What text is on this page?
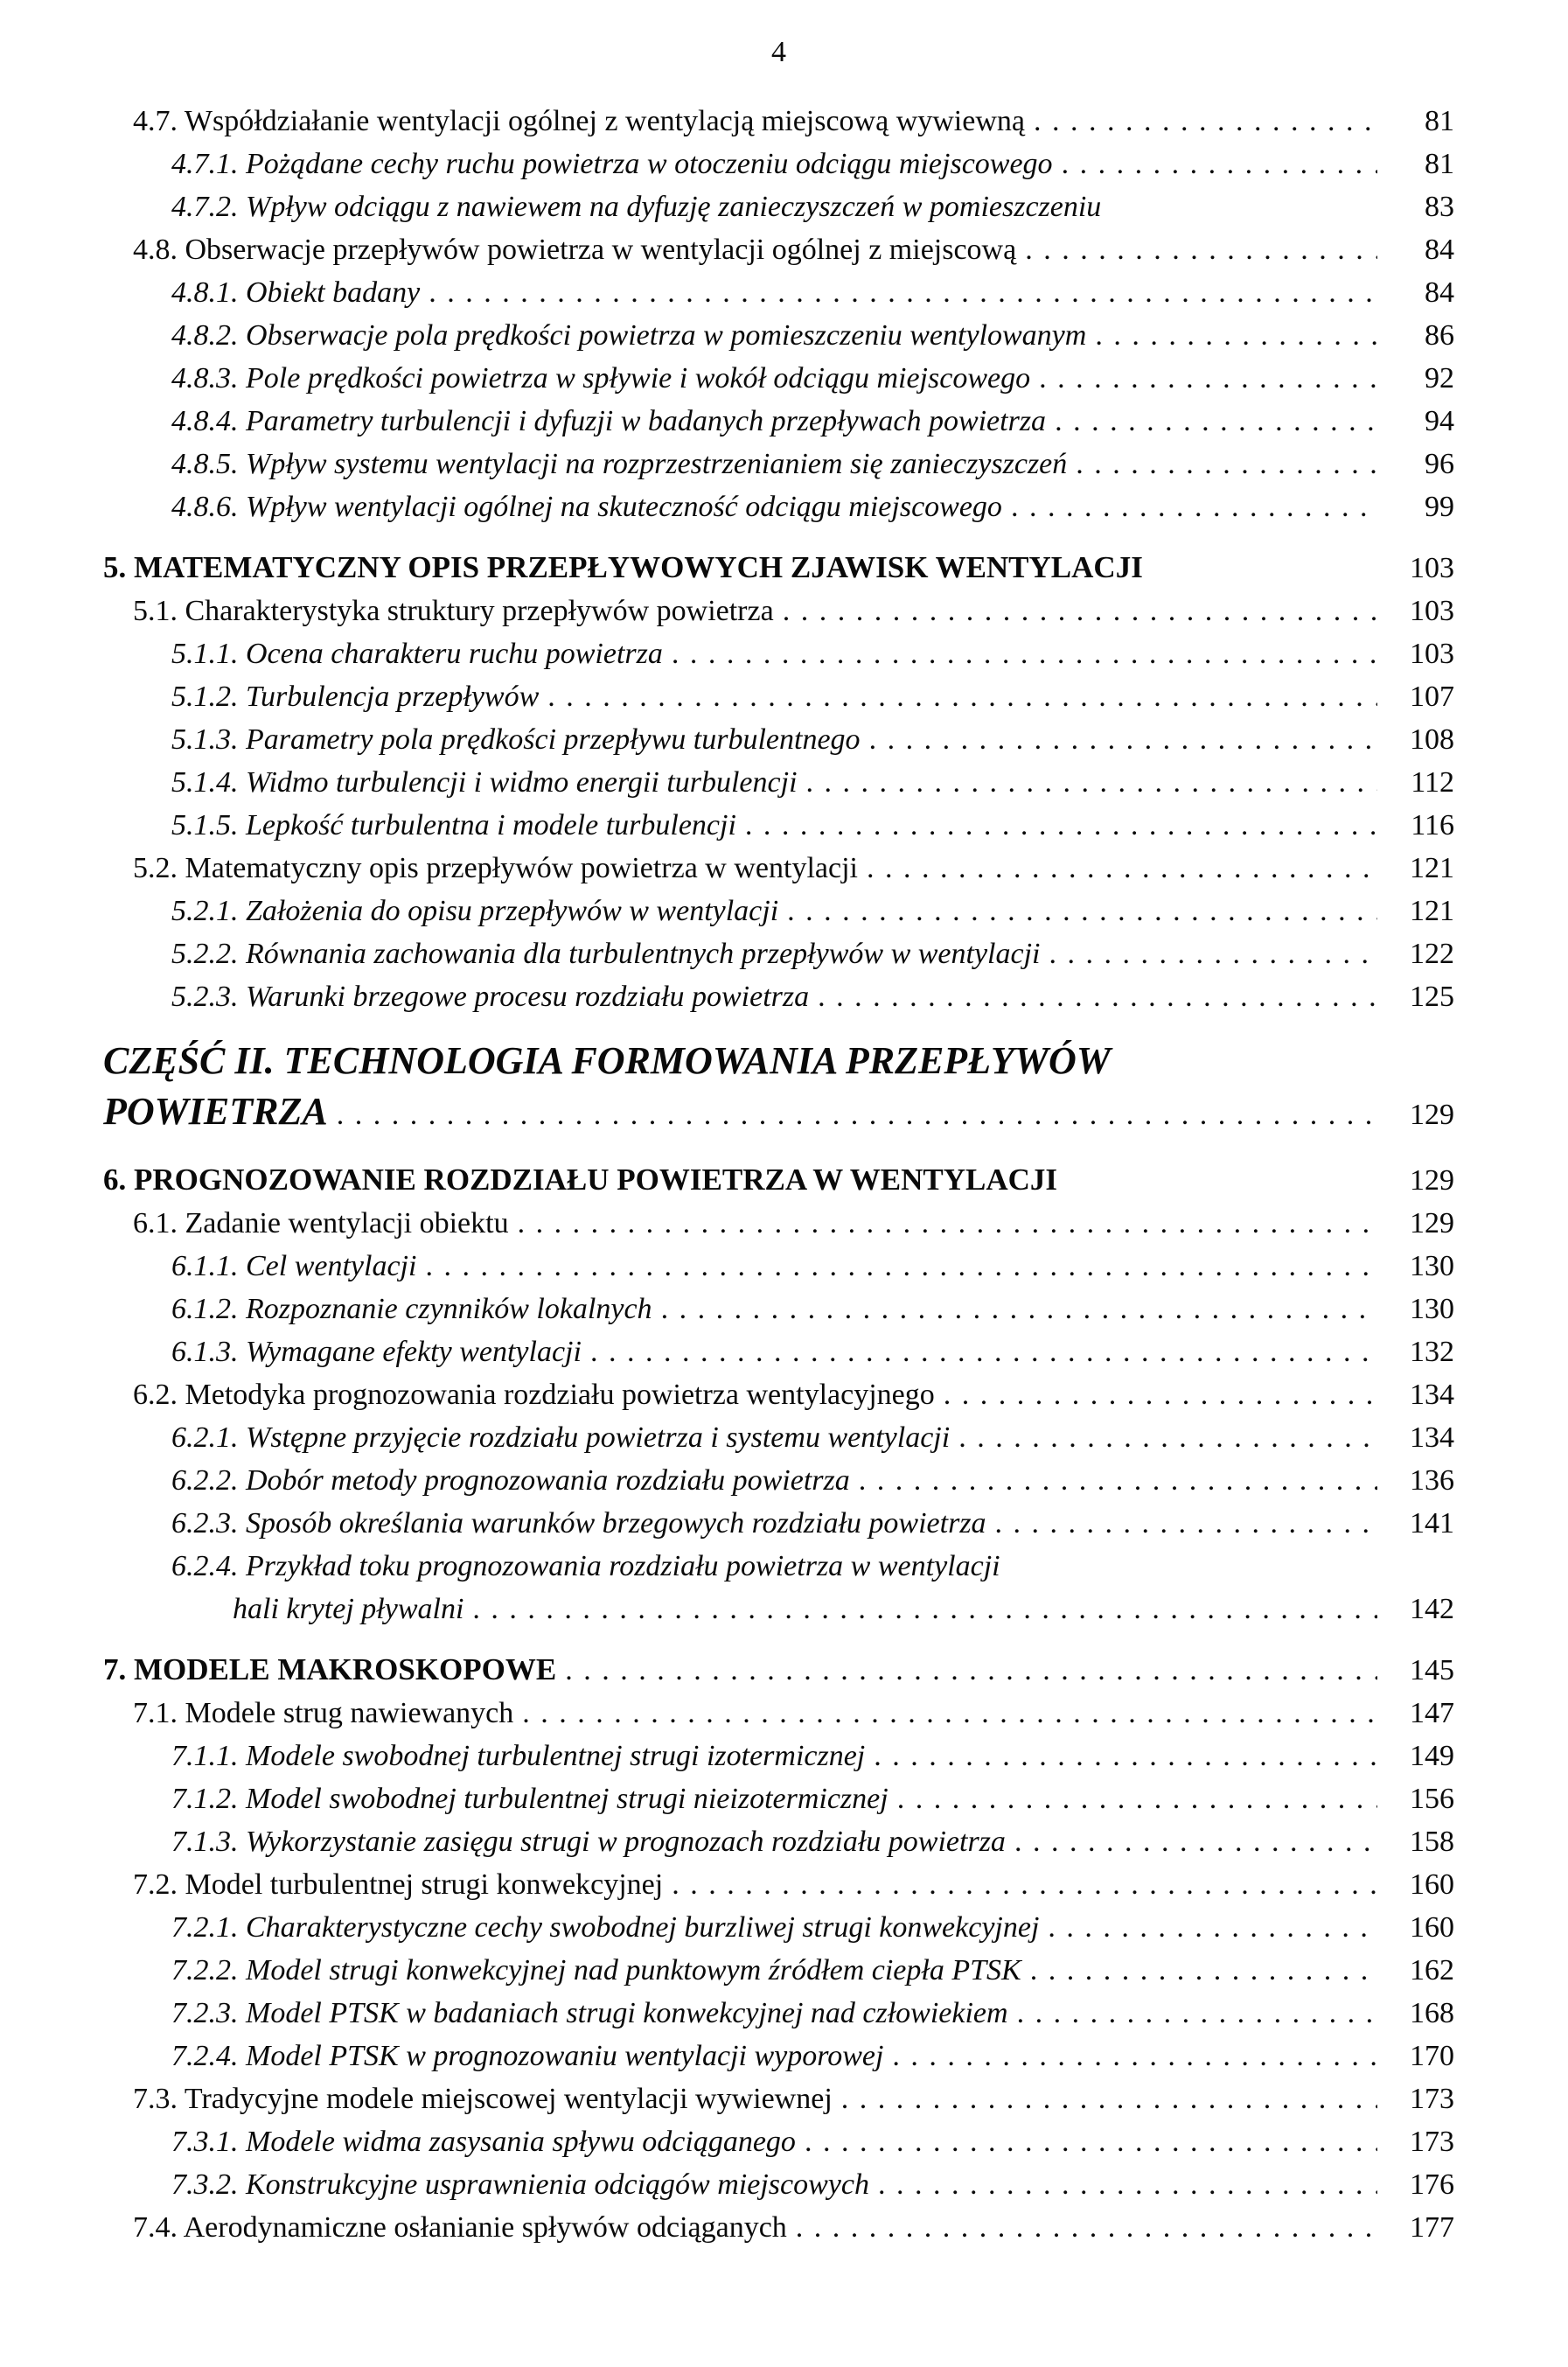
4
4.7. Współdziałanie wentylacji ogólnej z wentylacją miejscową wywiewną . . .	81
4.7.1. Pożądane cechy ruchu powietrza w otoczeniu odciągu miejscowego . . .	81
4.7.2. Wpływ odciągu z nawiewem na dyfuzję zanieczyszczeń w pomieszczeniu	83
4.8. Obserwacje przepływów powietrza w wentylacji ogólnej z miejscową . . .	84
4.8.1. Obiekt badany . . .	84
4.8.2. Obserwacje pola prędkości powietrza w pomieszczeniu wentylowanym . . .	86
4.8.3. Pole prędkości powietrza w spływie i wokół odciągu miejscowego . . .	92
4.8.4. Parametry turbulencji i dyfuzji w badanych przepływach powietrza . . .	94
4.8.5. Wpływ systemu wentylacji na rozprzestrzenianiem się zanieczyszczeń . . .	96
4.8.6. Wpływ wentylacji ogólnej na skuteczność odciągu miejscowego . . .	99
5. MATEMATYCZNY OPIS PRZEPŁYWOWYCH ZJAWISK WENTYLACJI	103
5.1. Charakterystyka struktury przepływów powietrza . . .	103
5.1.1. Ocena charakteru ruchu powietrza . . .	103
5.1.2. Turbulencja przepływów . . .	107
5.1.3. Parametry pola prędkości przepływu turbulentnego . . .	108
5.1.4. Widmo turbulencji i widmo energii turbulencji . . .	112
5.1.5. Lepkość turbulentna i modele turbulencji . . .	116
5.2. Matematyczny opis przepływów powietrza w wentylacji . . .	121
5.2.1. Założenia do opisu przepływów w wentylacji . . .	121
5.2.2. Równania zachowania dla turbulentnych przepływów w wentylacji . . .	122
5.2.3. Warunki brzegowe procesu rozdziału powietrza . . .	125
CZĘŚĆ II. TECHNOLOGIA FORMOWANIA PRZEPŁYWÓW
POWIETRZA . . .	129
6. PROGNOZOWANIE ROZDZIAŁU POWIETRZA W WENTYLACJI	129
6.1. Zadanie wentylacji obiektu . . .	129
6.1.1. Cel wentylacji . . .	130
6.1.2. Rozpoznanie czynników lokalnych . . .	130
6.1.3. Wymagane efekty wentylacji . . .	132
6.2. Metodyka prognozowania rozdziału powietrza wentylacyjnego . . .	134
6.2.1. Wstępne przyjęcie rozdziału powietrza i systemu wentylacji . . .	134
6.2.2. Dobór metody prognozowania rozdziału powietrza . . .	136
6.2.3. Sposób określania warunków brzegowych rozdziału powietrza . . .	141
6.2.4. Przykład toku prognozowania rozdziału powietrza w wentylacji
hali krytej pływalni . . .	142
7. MODELE MAKROSKOPOWE . . .	145
7.1. Modele strug nawiewanych . . .	147
7.1.1. Modele swobodnej turbulentnej strugi izotermicznej . . .	149
7.1.2. Model swobodnej turbulentnej strugi nieizotermicznej . . .	156
7.1.3. Wykorzystanie zasięgu strugi w prognozach rozdziału powietrza . . .	158
7.2. Model turbulentnej strugi konwekcyjnej . . .	160
7.2.1. Charakterystyczne cechy swobodnej burzliwej strugi konwekcyjnej . . .	160
7.2.2. Model strugi konwekcyjnej nad punktowym źródłem ciepła PTSK . . .	162
7.2.3. Model PTSK w badaniach strugi konwekcyjnej nad człowiekiem . . .	168
7.2.4. Model PTSK w prognozowaniu wentylacji wyporowej . . .	170
7.3. Tradycyjne modele miejscowej wentylacji wywiewnej . . .	173
7.3.1. Modele widma zasysania spływu odciąganego . . .	173
7.3.2. Konstrukcyjne usprawnienia odciągów miejscowych . . .	176
7.4. Aerodynamiczne osłanianie spływów odciąganych . . .	177
